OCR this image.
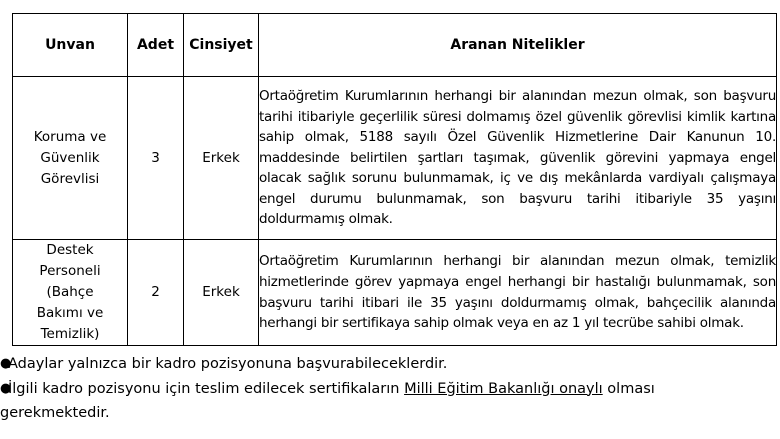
Unvan	Adet	Cinsiyet	Aranan Nitelikler
Koruma ve Güvenlik Görevlisi	3	Erkek	Ortaöğretim Kurumlarının herhangi bir alanından mezun olmak, son başvuru tarihi itibariyle geçerlilik süresi dolmamış özel güvenlik görevlisi kimlik kartına sahip olmak, 5188 sayılı Özel Güvenlik Hizmetlerine Dair Kanunun 10. maddesinde belirtilen şartları taşımak, güvenlik görevini yapmaya engel olacak sağlık sorunu bulunmamak, iç ve dış mekânlarda vardiyalı çalışmaya engel durumu bulunmamak, son başvuru tarihi itibariyle 35 yaşını doldurmamış olmak.
Destek Personeli (Bahçe Bakımı ve Temizlik)	2	Erkek	Ortaöğretim Kurumlarının herhangi bir alanından mezun olmak, temizlik hizmetlerinde görev yapmaya engel herhangi bir hastalığı bulunmamak, son başvuru tarihi itibari ile 35 yaşını doldurmamış olmak, bahçecilik alanında herhangi bir sertifikaya sahip olmak veya en az 1 yıl tecrübe sahibi olmak.
●
Adaylar yalnızca bir kadro pozisyonuna başvurabileceklerdir.
●
İlgili kadro pozisyonu için teslim edilecek sertifikaların Milli Eğitim Bakanlığı onaylı olması
gerekmektedir.
